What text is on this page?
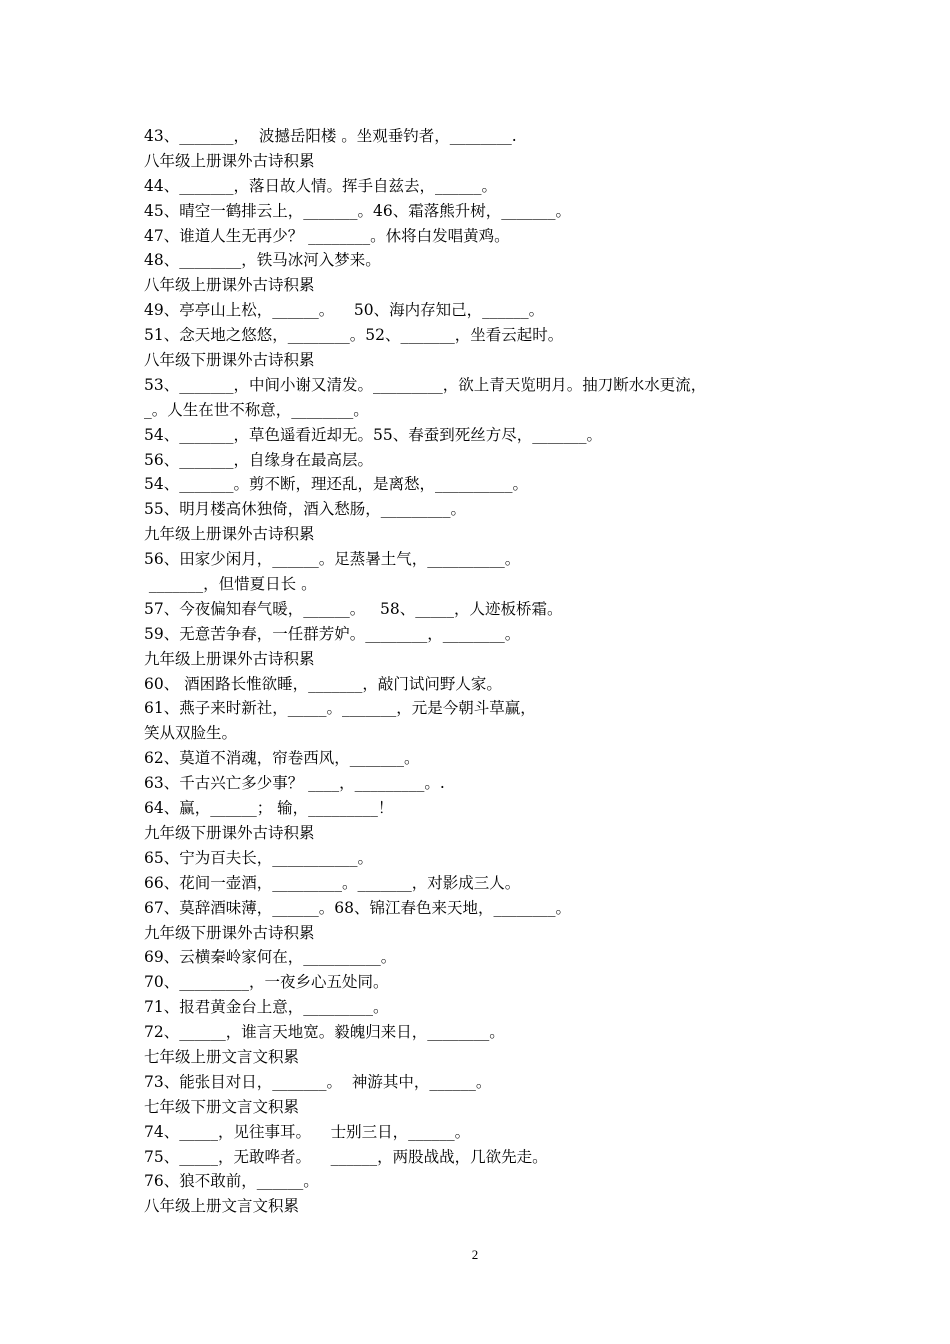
43、_______，  波撼岳阳楼 。坐观垂钓者，________.
八年级上册课外古诗积累
44、_______，落日故人情。挥手自兹去，______。
45、晴空一鹤排云上，_______。46、霜落熊升树，_______。
47、谁道人生无再少？ ________。休将白发唱黄鸡。
48、________，铁马冰河入梦来。
八年级上册课外古诗积累
49、亭亭山上松，______。    50、海内存知己，______。
51、念天地之悠悠，________。52、_______，坐看云起时。
八年级下册课外古诗积累
53、_______，中间小谢又清发。_________，欲上青天览明月。抽刀断水水更流，
_。人生在世不称意，________。
54、_______，草色遥看近却无。55、春蚕到死丝方尽，_______。
56、_______，自缘身在最高层。
54、_______。剪不断，理还乱，是离愁，__________。
55、明月楼高休独倚，酒入愁肠，_________。
九年级上册课外古诗积累
56、田家少闲月，______。足蒸暑土气，__________。
_______，但惜夏日长 。
57、今夜偏知春气暖，______。   58、_____，人迹板桥霜。
59、无意苦争春，一任群芳妒。________，________。
九年级上册课外古诗积累
60、 酒困路长惟欲睡，_______，敲门试问野人家。
61、燕子来时新社，_____。_______，元是今朝斗草赢，
笑从双脸生。
62、莫道不消魂，帘卷西风，_______。
63、千古兴亡多少事？ ____，_________。.
64、赢，______； 输，_________！
九年级下册课外古诗积累
65、宁为百夫长，___________。
66、花间一壶酒，_________。_______，对影成三人。
67、莫辞酒味薄，______。68、锦江春色来天地，________。
九年级下册课外古诗积累
69、云横秦岭家何在，__________。
70、_________，一夜乡心五处同。
71、报君黄金台上意，_________。
72、______，谁言天地宽。毅魄归来日，________。
七年级上册文言文积累
73、能张目对日，_______。  神游其中，______。
七年级下册文言文积累
74、_____，见往事耳。    士别三日，______。
75、_____，无敢哗者。    ______，两股战战，几欲先走。
76、狼不敢前，______。
八年级上册文言文积累
2
